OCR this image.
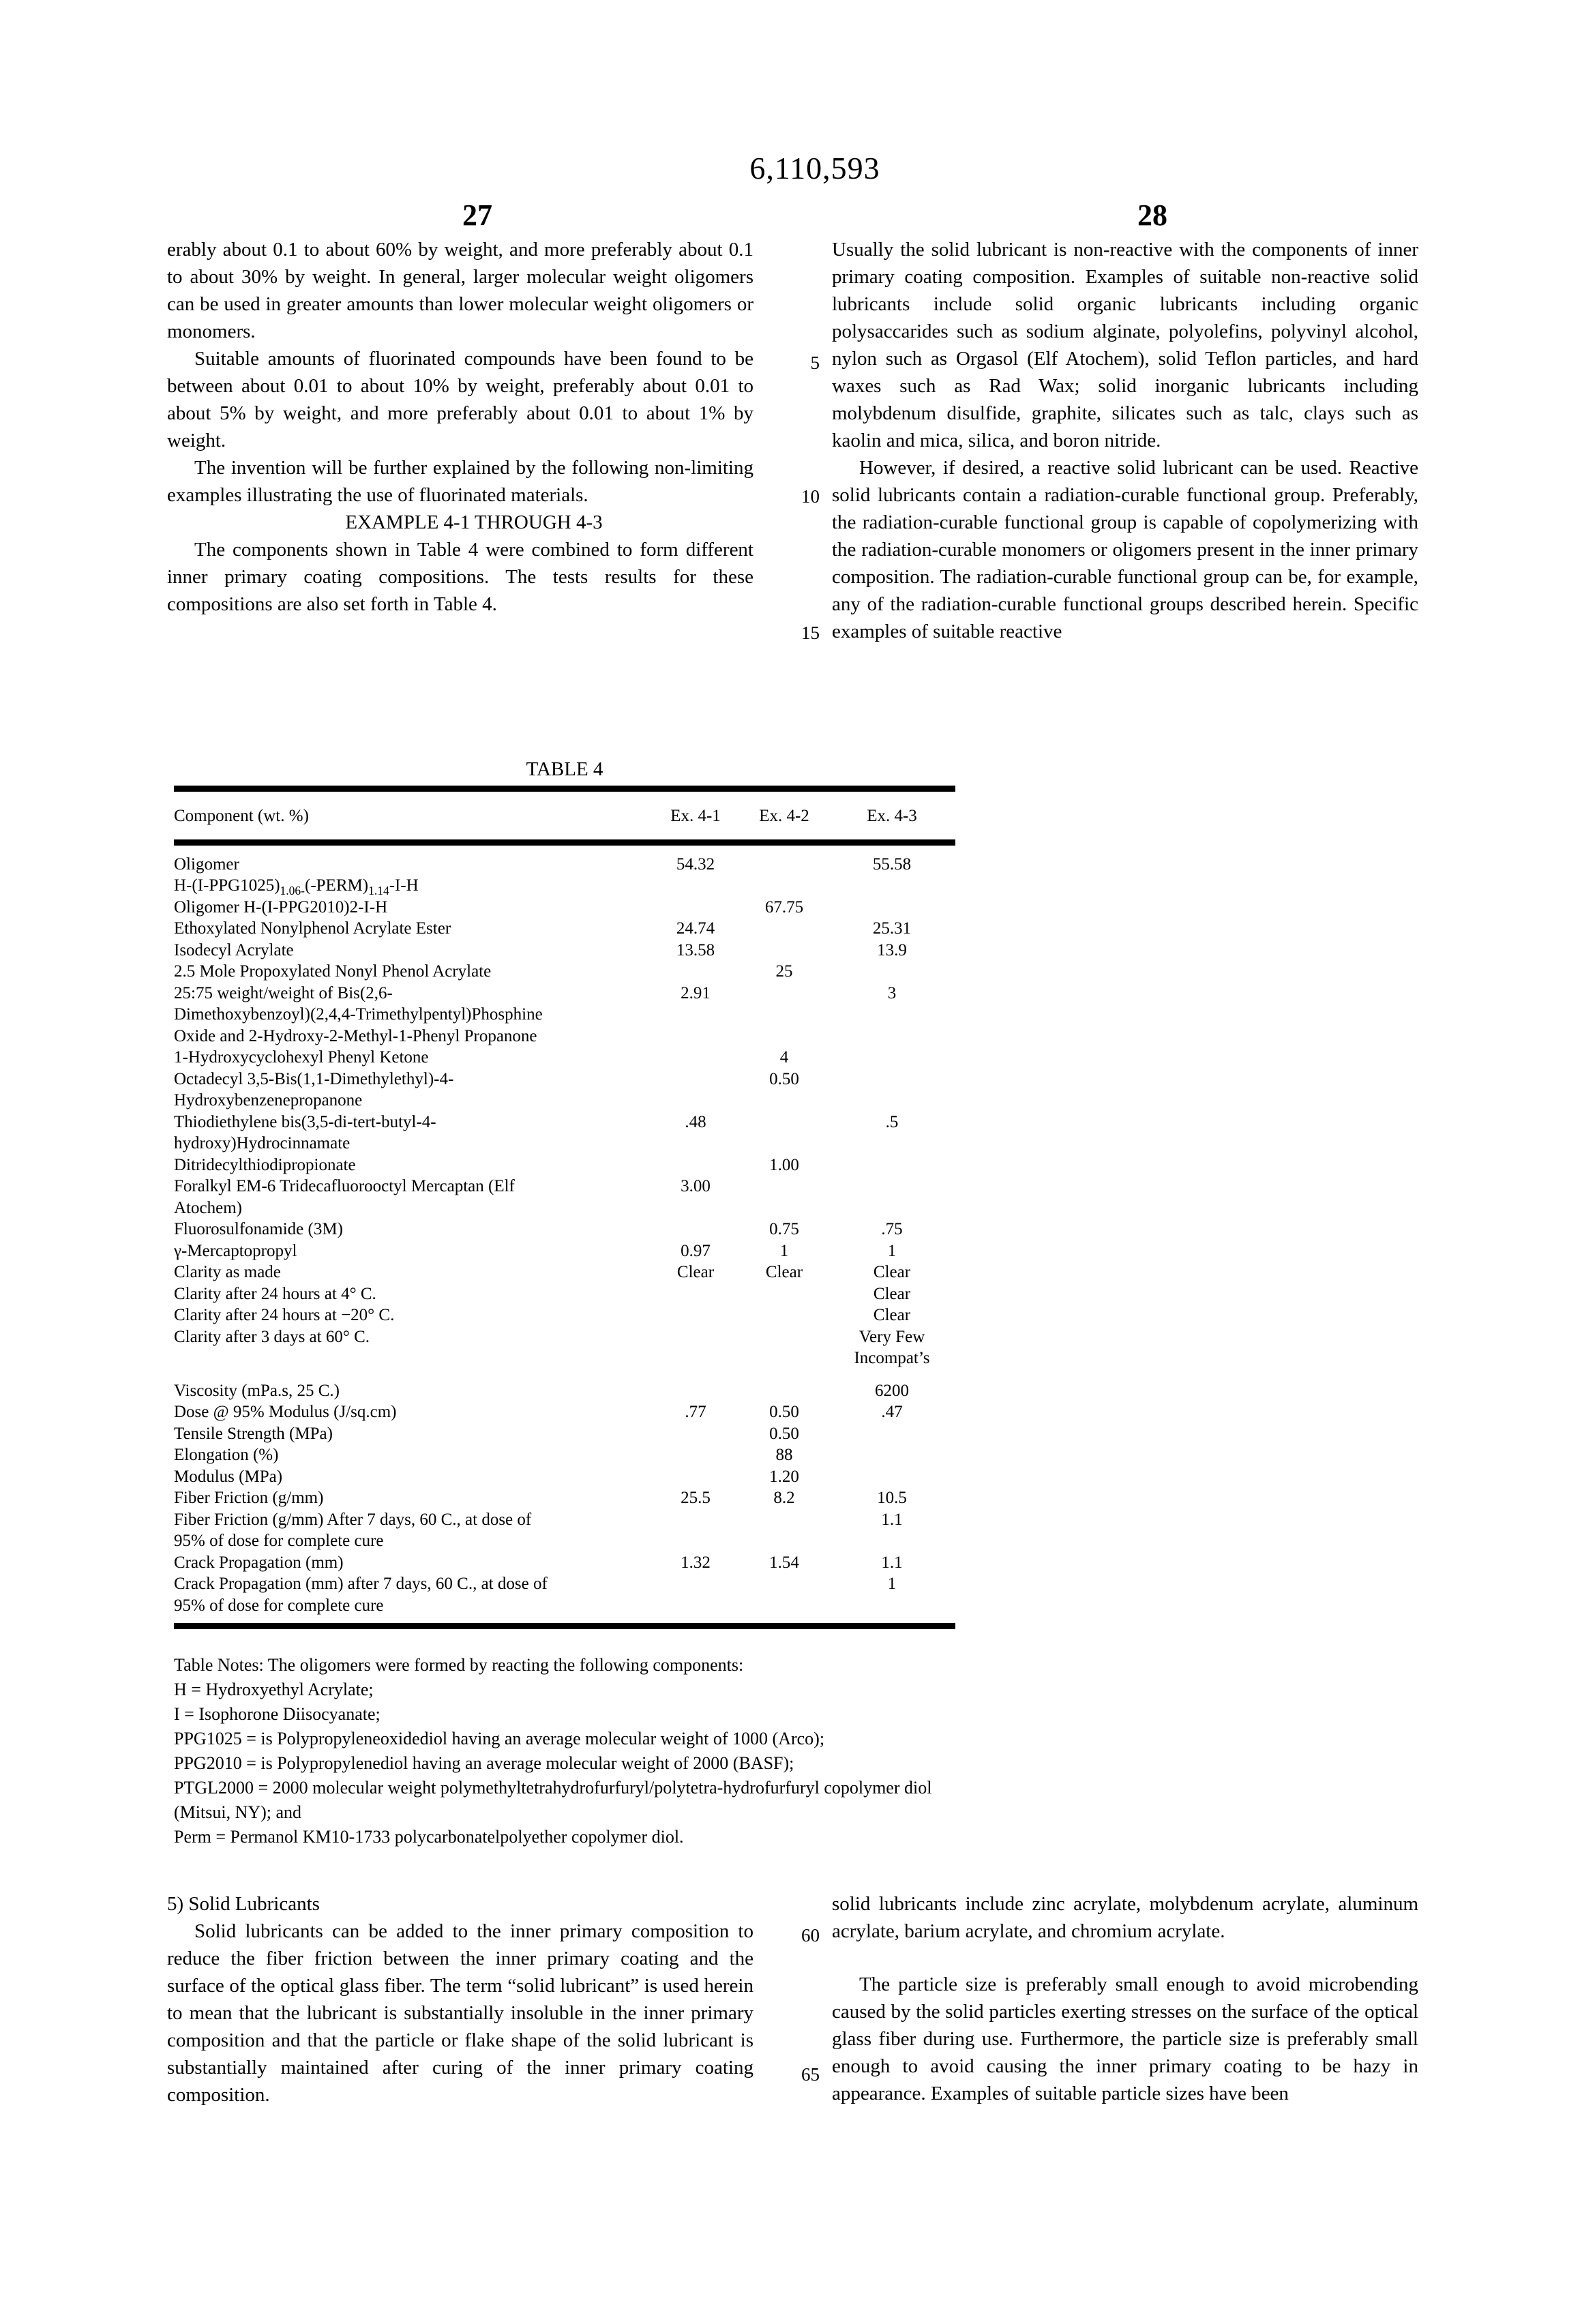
6,110,593
27	28

erably about 0.1 to about 60% by weight, and more preferably about 0.1 to about 30% by weight. In general, larger molecular weight oligomers can be used in greater amounts than lower molecular weight oligomers or monomers.

Suitable amounts of fluorinated compounds have been found to be between about 0.01 to about 10% by weight, preferably about 0.01 to about 5% by weight, and more preferably about 0.01 to about 1% by weight.

The invention will be further explained by the following non-limiting examples illustrating the use of fluorinated materials.

EXAMPLE 4-1 THROUGH 4-3

The components shown in Table 4 were combined to form different inner primary coating compositions. The tests results for these compositions are also set forth in Table 4.

Usually the solid lubricant is non-reactive with the components of inner primary coating composition. Examples of suitable non-reactive solid lubricants include solid organic lubricants including organic polysaccarides such as sodium alginate, polyolefins, polyvinyl alcohol, nylon such as Orgasol (Elf Atochem), solid Teflon particles, and hard waxes such as Rad Wax; solid inorganic lubricants including molybdenum disulfide, graphite, silicates such as talc, clays such as kaolin and mica, silica, and boron nitride.

However, if desired, a reactive solid lubricant can be used. Reactive solid lubricants contain a radiation-curable functional group. Preferably, the radiation-curable functional group is capable of copolymerizing with the radiation-curable monomers or oligomers present in the inner primary composition. The radiation-curable functional group can be, for example, any of the radiation-curable functional groups described herein. Specific examples of suitable reactive

5
10
15
60
65
TABLE 4
Component (wt. %)	Ex. 4-1	Ex. 4-2	Ex. 4-3
Oligomer
$H-(I-PPG1025)_{1.06-}(-PERM)_{1.14}-I-H$	54.32		55.58
Oligomer H-(I-PPG2010)2-I-H		67.75	
Ethoxylated Nonylphenol Acrylate Ester	24.74		25.31
Isodecyl Acrylate	13.58		13.9
2.5 Mole Propoxylated Nonyl Phenol Acrylate		25	
25:75 weight/weight of Bis(2,6-
Dimethoxybenzoyl)(2,4,4-Trimethylpentyl)Phosphine
Oxide and 2-Hydroxy-2-Methyl-1-Phenyl Propanone	2.91		3
1-Hydroxycyclohexyl Phenyl Ketone		4	
Octadecyl 3,5-Bis(1,1-Dimethylethyl)-4-
Hydroxybenzenepropanone		0.50	
Thiodiethylene bis(3,5-di-tert-butyl-4-
hydroxy)Hydrocinnamate	.48		.5
Ditridecylthiodipropionate		1.00	
Foralkyl EM-6 Tridecafluorooctyl Mercaptan (Elf
Atochem)	3.00		
Fluorosulfonamide (3M)		0.75	.75
γ-Mercaptopropyl	0.97	1	1
Clarity as made	Clear	Clear	Clear
Clarity after 24 hours at 4° C.			Clear
Clarity after 24 hours at −20° C.			Clear
Clarity after 3 days at 60° C.			Very Few
Incompat’s
Viscosity (mPa.s, 25 C.)			6200
Dose @ 95% Modulus (J/sq.cm)	.77	0.50	.47
Tensile Strength (MPa)		0.50	
Elongation (%)		88	
Modulus (MPa)		1.20	
Fiber Friction (g/mm)	25.5	8.2	10.5
Fiber Friction (g/mm) After 7 days, 60 C., at dose of
95% of dose for complete cure			1.1
Crack Propagation (mm)	1.32	1.54	1.1
Crack Propagation (mm) after 7 days, 60 C., at dose of
95% of dose for complete cure			1
Table Notes: The oligomers were formed by reacting the following components:
H = Hydroxyethyl Acrylate;
I = Isophorone Diisocyanate;
PPG1025 = is Polypropyleneoxidediol having an average molecular weight of 1000 (Arco);
PPG2010 = is Polypropylenediol having an average molecular weight of 2000 (BASF);
PTGL2000 = 2000 molecular weight polymethyltetrahydrofurfuryl/polytetra-hydrofurfuryl copolymer diol (Mitsui, NY); and
Perm = Permanol KM10-1733 polycarbonatelpolyether copolymer diol.

5) Solid Lubricants

Solid lubricants can be added to the inner primary composition to reduce the fiber friction between the inner primary coating and the surface of the optical glass fiber. The term “solid lubricant” is used herein to mean that the lubricant is substantially insoluble in the inner primary composition and that the particle or flake shape of the solid lubricant is substantially maintained after curing of the inner primary coating composition.

solid lubricants include zinc acrylate, molybdenum acrylate, aluminum acrylate, barium acrylate, and chromium acrylate.

The particle size is preferably small enough to avoid microbending caused by the solid particles exerting stresses on the surface of the optical glass fiber during use. Furthermore, the particle size is preferably small enough to avoid causing the inner primary coating to be hazy in appearance. Examples of suitable particle sizes have been
